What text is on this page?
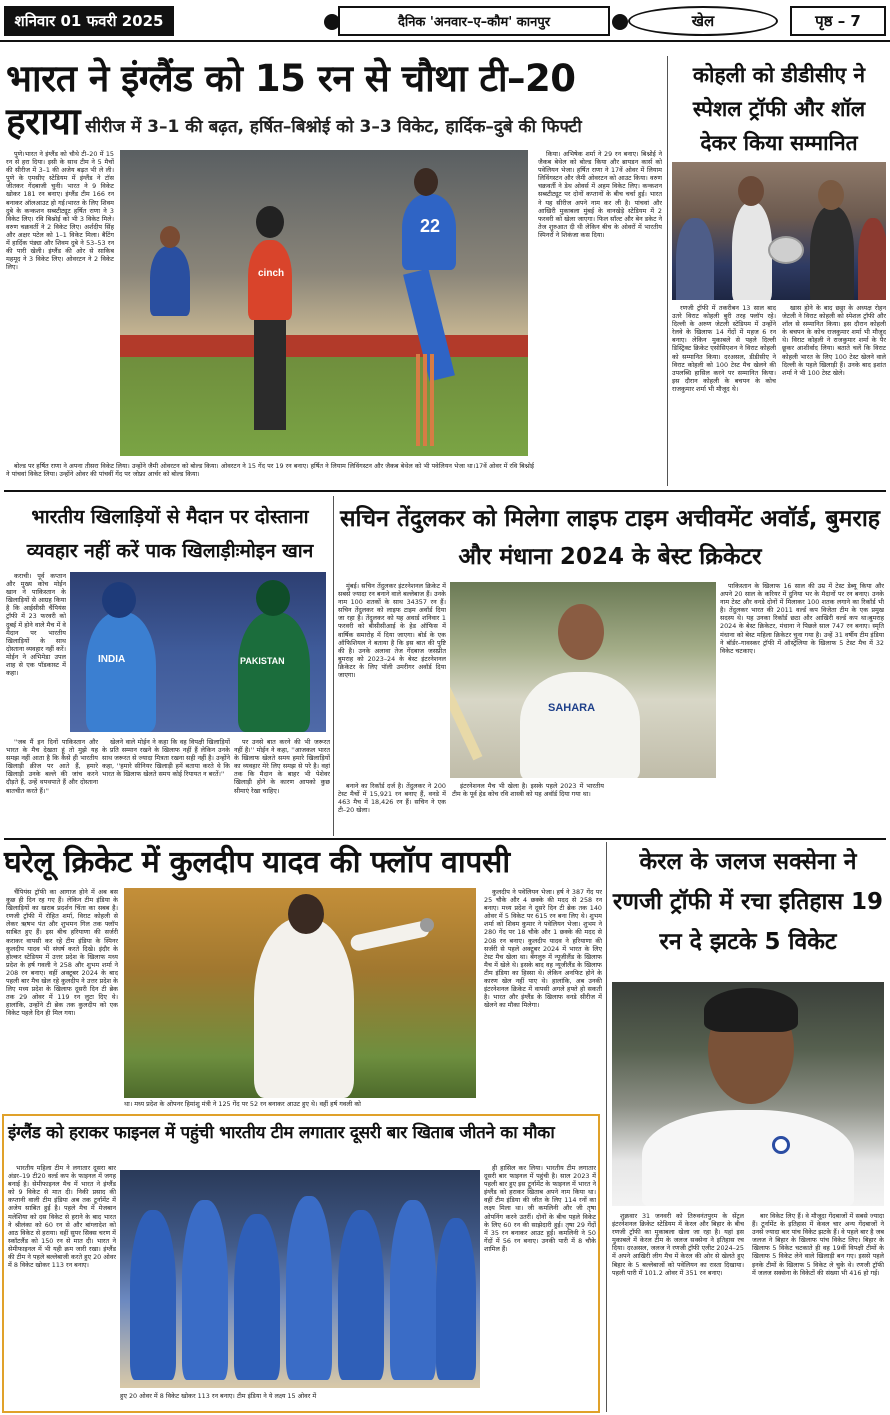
शनिवार 01 फवरी 2025	दैनिक 'अनवार–ए–कौम' कानपुर	खेल	पृष्ठ – 7
भारत ने इंग्लैंड को 15 रन से चौथा टी–20 हराया सीरीज में 3–1 की बढ़त, हर्षित–बिश्नोई को 3–3 विकेट, हार्दिक–दुबे की फिफ्टी

पुणे।भारत ने इंग्लैंड को चौथे टी–20 में 15 रन से हरा दिया। इसी के साथ टीम ने 5 मैचों की सीरीज में 3–1 की अजेय बढ़त भी ले ली। पुणे के एमसीए स्टेडियम में इंग्लैंड ने टॉस जीतकर गेंदबाजी चुनी। भारत ने 9 विकेट खोकर 181 रन बनाए। इंग्लैंड टीम 166 रन बनाकर ऑलआउट हो गई।भारत के लिए शिवम दुबे के कन्कशन सब्स्टीट्यूट हर्षित राणा ने 3 विकेट लिए। रवि बिश्नोई को भी 3 विकेट मिले। वरुण चक्रवर्ती ने 2 विकेट लिए। अर्शदीप सिंह और अक्षर पटेल को 1–1 विकेट मिला। बैटिंग में हार्दिक पंड्या और शिवम दुबे ने 53–53 रन की पारी खेली। इंग्लैंड की ओर से साकिब महमूद ने 3 विकेट लिए। ओवरटन ने 2 विकेट लिए।

cinch
22

किया। अभिषेक शर्मा ने 29 रन बनाए। बिश्नोई ने जैकब बेथेल को बोल्ड किया और ब्रायडन कार्स को पवेलियन भेजा। हर्षित राणा ने 17वें ओवर में लियाम लिविंगस्टन और जैमी ओवरटन को आउट किया। वरुण चक्रवर्ती ने डेथ ओवर्स में अहम विकेट लिए। कन्कशन सब्स्टीट्यूट पर दोनों कप्तानों के बीच चर्चा हुई। भारत ने यह सीरीज अपने नाम कर ली है। पांचवां और आखिरी मुकाबला मुंबई के वानखेड़े स्टेडियम में 2 फरवरी को खेला जाएगा। फिल सॉल्ट और बेन डकेट ने तेज शुरुआत दी थी लेकिन बीच के ओवरों में भारतीय स्पिनरों ने शिकंजा कस दिया।

बोल्ड पर हर्षित राणा ने अपना तीसरा विकेट लिया। उन्होंने जैमी ओवरटन को बोल्ड किया। ओवरटन ने 15 गेंद पर 19 रन बनाए। हर्षित ने लियाम लिविंगस्टन और जैकब बेथेल को भी पवेलियन भेजा था।17वें ओवर में रवि बिश्नोई ने पांचवां विकेट लिया। उन्होंने ओवर की पांचवीं गेंद पर जोफ्रा आर्चर को बोल्ड किया।

कोहली को डीडीसीए ने स्पेशल ट्रॉफी और शॉल देकर किया सम्मानित

रणजी ट्रॉफी में तकरीबन 13 साल बाद उतरे विराट कोहली बुरी तरह फ्लॉप रहे। दिल्ली के अरुण जेटली स्टेडियम में उन्होंने रेलवे के खिलाफ 14 गेंदों में महज 6 रन बनाए। लेकिन मुकाबले से पहले दिल्ली डिस्ट्रिक्ट क्रिकेट एसोसिएशन ने विराट कोहली को सम्मानित किया। दरअसल, डीडीसीए ने विराट कोहली को 100 टेस्ट मैच खेलने की उपलब्धि हासिल करने पर सम्मानित किया। इस दौरान कोहली के बचपन के कोच राजकुमार शर्मा भी मौजूद थे।

खास होने के बाद छठ्ठा के अध्यक्ष रोहन जेटली ने विराट कोहली को स्पेशल ट्रॉफी और शॉल से सम्मानित किया। इस दौरान कोहली के बचपन के कोच राजकुमार शर्मा भी मौजूद थे। विराट कोहली ने राजकुमार शर्मा के पैर छूकर आशीर्वाद लिया। बताते चलें कि विराट कोहली भारत के लिए 100 टेस्ट खेलने वाले दिल्ली के पहले खिलाड़ी हैं। उनके बाद इशांत शर्मा ने भी 100 टेस्ट खेले।

भारतीय खिलाड़ियों से मैदान पर दोस्ताना व्यवहार नहीं करें पाक खिलाड़ीःमोइन खान

कराची। पूर्व कप्तान और मुख्य कोच मोईन खान ने पाकिस्तान के खिलाड़ियों से आग्रह किया है कि आईसीसी चैंपियंस ट्रॉफी में 23 फरवरी को दुबई में होने वाले मैच में वे मैदान पर भारतीय खिलाड़ियों के साथ दोस्ताना व्यवहार नहीं करें। मोईन ने अभिमेडा उपल शाह से एक पॉडकास्ट में कहा।

INDIA	PAKISTAN

''जब मैं इन दिनों पाकिस्तान और भारत के मैच देखता हूं तो मुझे यह समझ नहीं आता है कि कैसे ही भारतीय खिलाड़ी क्रीज पर आते हैं, हमारे खिलाड़ी उनके बल्ले की जांच करने दौड़ते हैं, उन्हें थपथपाते हैं और दोस्ताना बातचीत करते हैं।''

खेलने वाले मोईन ने कहा कि वह विपक्षी खिलाड़ियों के प्रति सम्मान रखने के खिलाफ नहीं हैं लेकिन उनके साथ जरूरत से ज्यादा मित्रता रखना सही नहीं है। उन्होंने कहा, ''हमारे सीनियर खिलाड़ी हमें बताया करते थे कि भारत के खिलाफ खेलते समय कोई रियायत न बरतें।''

पर उनसे बात करने की भी जरूरत नहीं है।'' मोईन ने कहा, ''आजकल भारत के खिलाफ खेलते समय हमारे खिलाड़ियों का व्यवहार मेरे लिए समझ से परे है। वहां तक कि मैदान के बाहर भी पेशेवर खिलाड़ी होने के कारण आपको कुछ सीमाएं रेखा चाहिए।

सचिन तेंदुलकर को मिलेगा लाइफ टाइम अचीवमेंट अवॉर्ड, बुमराह और मंधाना 2024 के बेस्ट क्रिकेटर

मुंबई। सचिन तेंदुलकर इंटरनेशनल क्रिकेट में सबसे ज्यादा रन बनाने वाले बल्लेबाज हैं। उनके नाम 100 शतकों के साथ 34357 रन हैं। सचिन तेंदुलकर को लाइफ टाइम अवॉर्ड दिया जा रहा है। तेंदुलकर को यह अवार्ड शनिवार 1 फरवरी को बीसीसीआई के हेड ऑफिस में वार्षिक समारोह में दिया जाएगा। बोर्ड के एक ऑफिशियल ने बताया है कि इस बात की पुष्टि की है। उनके अलावा तेज गेंदबाज जसप्रीत बुमराह को 2023–24 के बेस्ट इंटरनेशनल क्रिकेटर के लिए पॉली उमरीगर अवॉर्ड दिया जाएगा।

SAHARA

बनाने का रिकॉर्ड दर्ज है। तेंदुलकर ने 200 टेस्ट मैचों में 15,921 रन बनाए हैं, वनडे में 463 मैच में 18,426 रन हैं। सचिन ने एक टी–20 खेला।

इंटरनेशनल मैच भी खेला है। इसके पहले 2023 में भारतीय टीम के पूर्व हेड कोच रवि शास्त्री को यह अवॉर्ड दिया गया था।

पाकिस्तान के खिलाफ 16 साल की उम्र में टेस्ट डेब्यू किया और अपने 20 साल के करियर में दुनिया भर के मैदानों पर रन बनाए। उनके नाम टेस्ट और वनडे दोनों में मिलाकर 100 शतक लगाने का रिकॉर्ड भी है। तेंदुलकर भारत की 2011 वर्ल्ड कप विजेता टीम के एक प्रमुख सदस्य थे। यह उनका रिकॉर्ड छठा और आखिरी वर्ल्ड कप था।बुमराह 2024 के बेस्ट क्रिकेटर, मंधाना ने पिछले साल 747 रन बनाए। स्मृति मंधाना को बेस्ट महिला क्रिकेटर चुना गया है। उन्हें 31 वर्षीय टीम इंडिया ने बॉर्डर–गावस्कर ट्रॉफी में ऑस्ट्रेलिया के खिलाफ 5 टेस्ट मैच में 32 विकेट चटकाए।

घरेलू क्रिकेट में कुलदीप यादव की फ्लॉप वापसी

चैंपियंस ट्रॉफी का आगाज होने में अब बस कुछ ही दिन रह गए हैं। लेकिन टीम इंडिया के खिलाड़ियों का खराब प्रदर्शन चिंता का सबब है। रणजी ट्रॉफी में रोहित शर्मा, विराट कोहली से लेकर ऋषभ पंत और शुभमन गिल तक फ्लॉप साबित हुए हैं। इस बीच हरियाणा की सर्जरी कराकर वापसी कर रहे टीम इंडिया के स्पिनर कुलदीप यादव भी संघर्ष करते दिखे। इंदौर के होल्कर स्टेडियम में उत्तर प्रदेश के खिलाफ मध्य प्रदेश के हर्ष गवली ने 258 और शुभम शर्मा ने 208 रन बनाए। वहीं अक्टूबर 2024 के बाद पहली बार मैच खेल रहे कुलदीप ने उत्तर प्रदेश के लिए मध्य प्रदेश के खिलाफ दूसरी दिन टी ब्रेक तक 29 ओवर में 119 रन लुटा दिए थे। हालांकि, उन्होंने टी ब्रेक तक कुलदीप को एक विकेट पहले दिन ही मिल गया।

था। मध्य प्रदेश के ओपनर हिमांशु मंत्री ने 125 गेंद पर 52 रन बनाकर आउट हुए थे। वहीं हर्ष गवली को

कुलदीप ने पवेलियन भेजा। हर्ष ने 387 गेंद पर 25 चौके और 4 छक्के की मदद से 258 रन बनाए। मध्य प्रदेश ने दूसरे दिन टी ब्रेक तक 140 ओवर में 5 विकेट पर 615 रन बना लिए थे। शुभम शर्मा को शिवम कुमार ने पवेलियन भेजा। शुभम ने 280 गेंद पर 18 चौके और 1 छक्के की मदद से 208 रन बनाए। कुलदीप यादव ने हरियाणा की सर्जरी से पहले अक्टूबर 2024 में भारत के लिए टेस्ट मैच खेला था। बेंगलुरु में न्यूजीलैंड के खिलाफ मैच में खेले थे। इसके बाद वह न्यूजीलैंड के खिलाफ टीम इंडिया का हिस्सा थे। लेकिन अनफिट होने के कारण खेल नहीं पाए थे। हालांकि, अब उनकी इंटरनेशनल क्रिकेट में वापसी अगले हफ्ते हो सकती है। भारत और इंग्लैंड के खिलाफ वनडे सीरीज में खेलने का मौका मिलेगा।

केरल के जलज सक्सेना ने रणजी ट्रॉफी में रचा इतिहास 19 रन दे झटके 5 विकेट

शुक्रवार 31 जनवरी को तिरुवनंतपुरम के सेंट्रल इंटरनेशनल क्रिकेट स्टेडियम में केरल और बिहार के बीच रणजी ट्रॉफी का मुकाबला खेला जा रहा है। यहां इस मुकाबले में केरल टीम के जलज सक्सेना ने इतिहास रच दिया। दरअसल, जलज ने रणजी ट्रॉफी एलीट 2024–25 में अपने आखिरी लीग मैच में केरल की ओर से खेलते हुए बिहार के 5 बल्लेबाजों को पवेलियन का रास्ता दिखाया। पहली पारी में 101.2 ओवर में 351 रन बनाए।

बार विकेट लिए हैं। वे मौजूदा गेंदबाजों में सबसे ज्यादा हैं। टूर्नामेंट के इतिहास में केवल चार अन्य गेंदबाजों ने उनसे ज्यादा बार पांच विकेट झटके हैं। वे पहले बार है जब जलज ने बिहार के खिलाफ पांच विकेट लिए। बिहार के खिलाफ 5 विकेट चटकाते ही वह 19वीं विपक्षी टीमों के खिलाफ 5 विकेट लेने वाले खिलाड़ी बन गए। इससे पहले इनके टीमों के खिलाफ 5 विकेट ले चुके थे। रणजी ट्रॉफी में जलज सक्सेना के विकेटों की संख्या भी 416 हो गई।

इंग्लैंड को हराकर फाइनल में पहुंची भारतीय टीम लगातार दूसरी बार खिताब जीतने का मौका

भारतीय महिला टीम ने लगातार दूसरा बार अंडर–19 टी20 वर्ल्ड कप के फाइनल में जगह बनाई है। सेमीफाइनल मैच में भारत ने इंग्लैंड को 9 विकेट से मात दी। निकी प्रसाद की कप्तानी वाली टीम इंडिया अब तक टूर्नामेंट में अजेय साबित हुई है। पहले मैच में मेजबान मलेशिया को दस विकेट से हराने के बाद भारत ने श्रीलंका को 60 रन से और बांग्लादेश को आठ विकेट से हराया। वहीं सुपर सिक्स चरण में स्कॉटलैंड को 150 रन से मात दी। भारत ने सेमीफाइनल में भी यही क्रम जारी रखा। इंग्लैंड की टीम ने पहले बल्लेबाजी करते हुए 20 ओवर में 8 विकेट खोकर 113 रन बनाए।

हुए 20 ओवर में 8 विकेट खोकर 113 रन बनाए। टीम इंडिया ने ये लक्ष्य 15 ओवर में

ही हासिल कर लिया। भारतीय टीम लगातार दूसरी बार फाइनल में पहुंची है। साल 2023 में पहली बार हुए इस टूर्नामेंट के फाइनल में भारत ने इंग्लैंड को हराकर खिताब अपने नाम किया था। वहीं टीम इंडिया की जीत के लिए 114 रनों का लक्ष्य मिला था। जी कमलिनी और जी तृषा ओपनिंग करने उतरीं। दोनों के बीच पहले विकेट के लिए 60 रन की साझेदारी हुई। तृषा 29 गेंदों में 35 रन बनाकर आउट हुईं। कमलिनी ने 50 गेंदों में 56 रन बनाए। उनकी पारी में 8 चौके शामिल हैं।
